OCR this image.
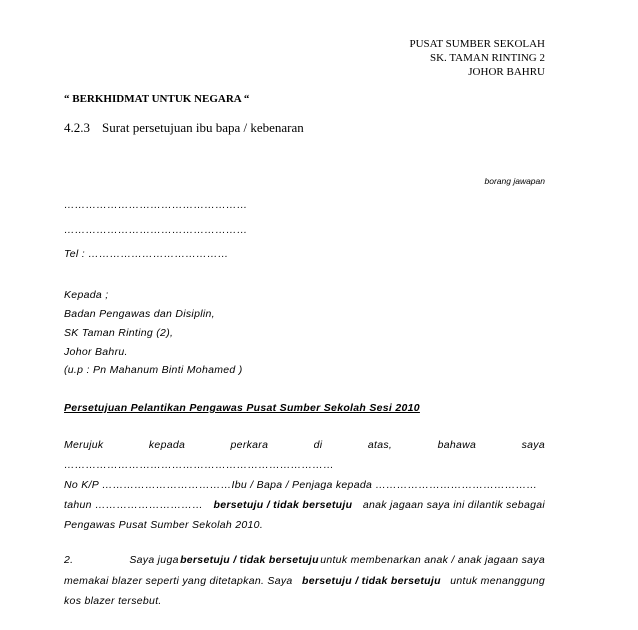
PUSAT SUMBER SEKOLAH
SK. TAMAN RINTING 2
JOHOR BAHRU
“ BERKHIDMAT UNTUK NEGARA “
4.2.3 Surat persetujuan ibu bapa / kebenaran
borang jawapan
……………………………………………
……………………………………………
Tel : …………………………………
Kepada ;
Badan Pengawas dan Disiplin,
SK Taman Rinting (2),
Johor Bahru.
(u.p : Pn Mahanum Binti Mohamed )
Persetujuan Pelantikan Pengawas Pusat Sumber Sekolah Sesi 2010
Merujuk	kepada	perkara	di	atas,	bahawa	saya
…………………………………………………………………
No K/P ………………………………Ibu / Bapa / Penjaga kepada ………………………………………
tahun ………………………… bersetuju / tidak bersetuju anak jagaan saya ini dilantik sebagai
Pengawas Pusat Sumber Sekolah 2010.
2.	Saya juga bersetuju / tidak bersetuju untuk membenarkan anak / anak jagaan saya
memakai blazer seperti yang ditetapkan. Saya bersetuju / tidak bersetuju untuk menanggung
kos blazer tersebut.
